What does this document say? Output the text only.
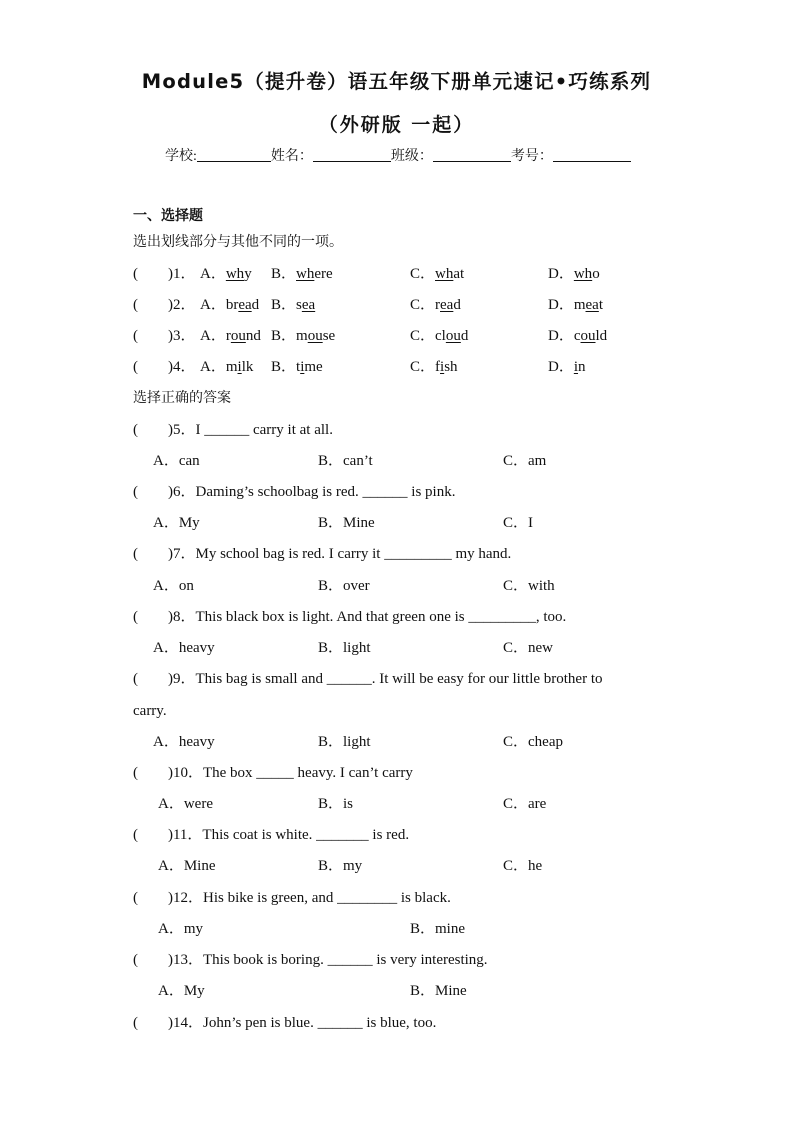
Module5（提升卷）语五年级下册单元速记•巧练系列
（外研版 一起）
学校:	姓名：	班级：	考号：
一、选择题
选出划线部分与其他不同的一项。
(　　)1． A．why B．where	C．what	D．who
(　　)2． A．bread B．sea	C．read	D．meat
(　　)3． A．round B．mouse	C．cloud	D．could
(　　)4． A．milk B．time	C．fish	D．in
选择正确的答案
(　　)5．I ______ carry it at all.
A．can	B．can’t	C．am
(　　)6．Daming’s schoolbag is red. ______ is pink.
A．My	B．Mine	C．I
(　　)7．My school bag is red. I carry it _________ my hand.
A．on	B．over	C．with
(　　)8．This black box is light. And that green one is _________, too.
A．heavy	B．light	C．new
(　　)9．This bag is small and ______. It will be easy for our little brother to
carry.
A．heavy	B．light	C．cheap
(　　)10．The box _____ heavy. I can’t carry
A．were	B．is	C．are
(　　)11．This coat is white. _______ is red.
A．Mine	B．my	C．he
(　　)12．His bike is green, and ________ is black.
A．my	B．mine
(　　)13．This book is boring. ______ is very interesting.
A．My	B．Mine
(　　)14．John’s pen is blue. ______ is blue, too.
